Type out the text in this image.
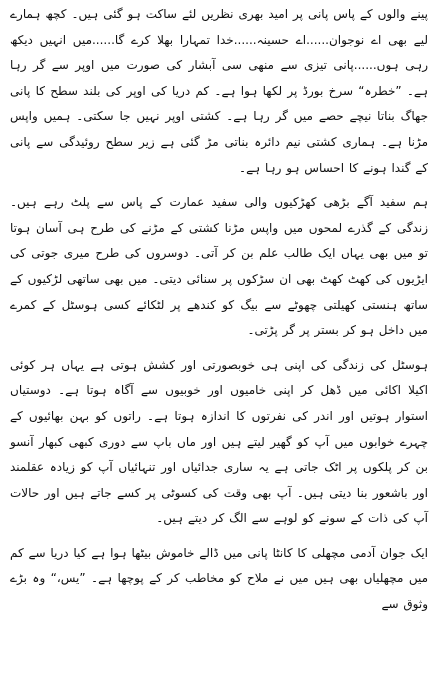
پینے والوں کے پاس پانی پر امید بھری نظریں لئے ساکت ہو گئی ہیں۔ کچھ ہمارے لیے بھی اے نوجوان......اے حسینہ......خدا تمہارا بھلا کرے گا......میں انہیں دیکھ رہی ہوں......پانی تیزی سے منھی سی آبشار کی صورت میں اوپر سے گر رہا ہے۔ ”خطرہ“ سرخ بورڈ پر لکھا ہوا ہے۔ کم دریا کی اوپر کی بلند سطح کا پانی جھاگ بناتا نیچے حصے میں گر رہا ہے۔ کشتی اوپر نہیں جا سکتی۔ ہمیں واپس مڑنا ہے۔ ہماری کشتی نیم دائرہ بناتی مڑ گئی ہے زیر سطح روئیدگی سے پانی کے گندا ہونے کا احساس ہو رہا ہے۔

ہم سفید آگے بڑھی کھڑکیوں والی سفید عمارت کے پاس سے پلٹ رہے ہیں۔ زندگی کے گذرے لمحوں میں واپس مڑنا کشتی کے مڑنے کی طرح ہی آسان ہوتا تو میں بھی یہاں ایک طالب علم بن کر آتی۔ دوسروں کی طرح میری جوتی کی ایڑیوں کی کھٹ کھٹ بھی ان سڑکوں پر سنائی دیتی۔ میں بھی ساتھی لڑکیوں کے ساتھ ہنستی کھیلتی چھوٹے سے بیگ کو کندھے پر لٹکائے کسی ہوسٹل کے کمرے میں داخل ہو کر بستر پر گر پڑتی۔

ہوسٹل کی زندگی کی اپنی ہی خوبصورتی اور کشش ہوتی ہے یہاں ہر کوئی اکیلا اکائی میں ڈھل کر اپنی خامیوں اور خوبیوں سے آگاہ ہوتا ہے۔ دوستیاں استوار ہوتیں اور اندر کی نفرتوں کا اندازہ ہوتا ہے۔ راتوں کو بہن بھائیوں کے چہرے خوابوں میں آپ کو گھیر لیتے ہیں اور ماں باپ سے دوری کبھی کبھار آنسو بن کر پلکوں پر اٹک جاتی ہے یہ ساری جدائیاں اور تنہائیاں آپ کو زیادہ عقلمند اور باشعور بنا دیتی ہیں۔ آپ بھی وقت کی کسوٹی پر کسے جاتے ہیں اور حالات آپ کی ذات کے سونے کو لوہے سے الگ کر دیتے ہیں۔

ایک جوان آدمی مچھلی کا کانٹا پانی میں ڈالے خاموش بیٹھا ہوا ہے کیا دریا سے کم میں مچھلیاں بھی ہیں میں نے ملاح کو مخاطب کر کے پوچھا ہے۔ ”یس،“ وہ بڑے وثوق سے
